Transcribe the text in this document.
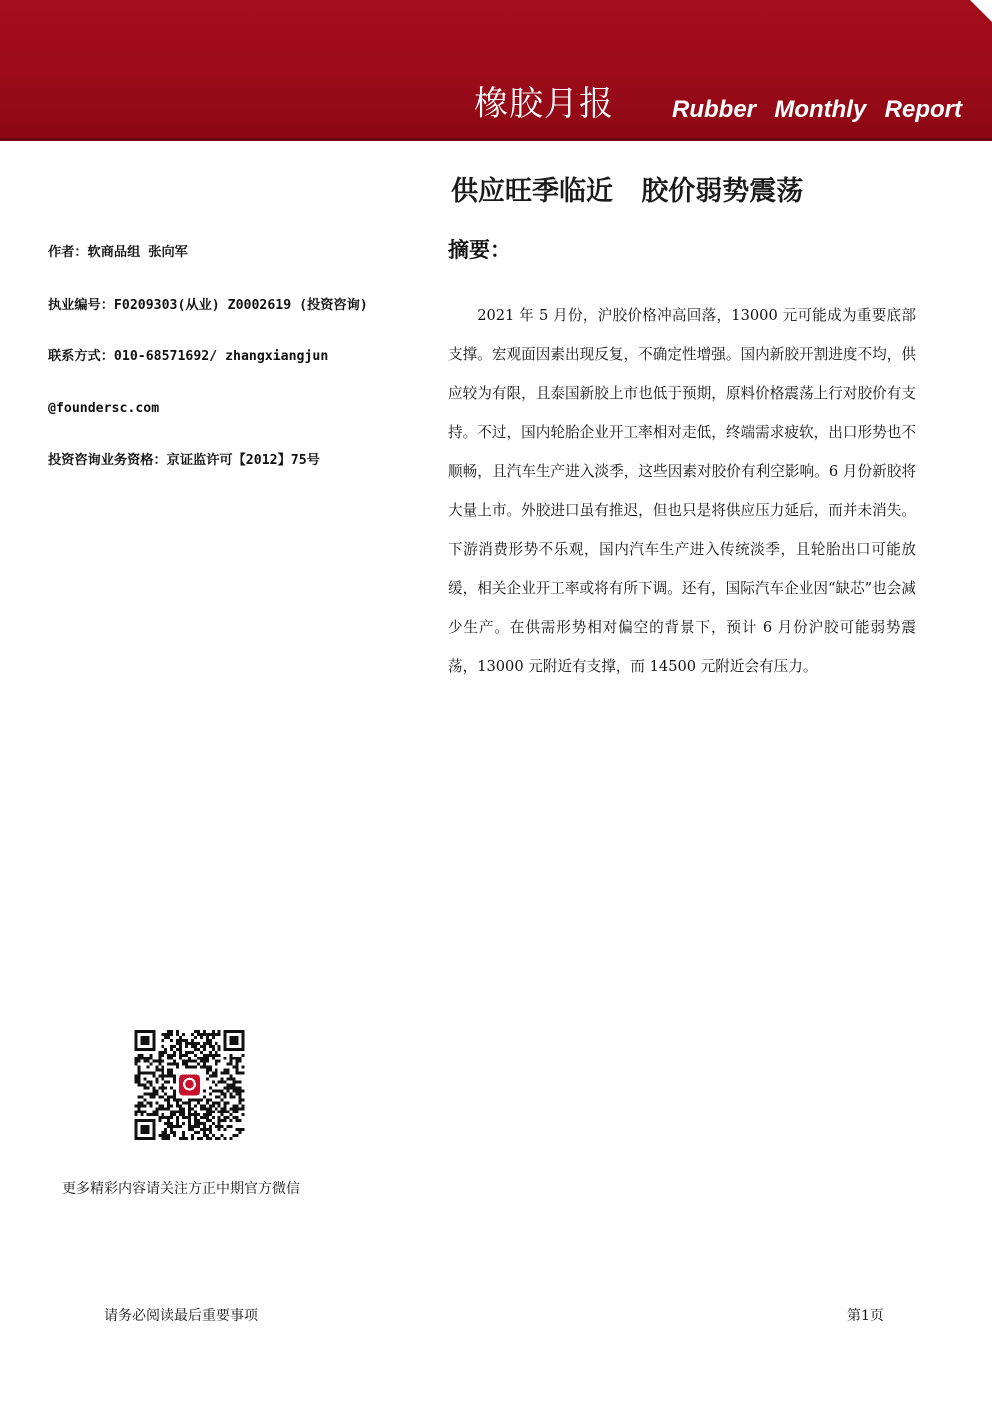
橡胶月报 Rubber Monthly Report
供应旺季临近   胶价弱势震荡
摘要：

2021 年 5 月份，沪胶价格冲高回落，13000 元可能成为重要底部支撑。宏观面因素出现反复，不确定性增强。国内新胶开割进度不均，供应较为有限，且泰国新胶上市也低于预期，原料价格震荡上行对胶价有支持。不过，国内轮胎企业开工率相对走低，终端需求疲软，出口形势也不顺畅，且汽车生产进入淡季，这些因素对胶价有利空影响。6 月份新胶将大量上市。外胶进口虽有推迟，但也只是将供应压力延后，而并未消失。下游消费形势不乐观，国内汽车生产进入传统淡季，且轮胎出口可能放缓，相关企业开工率或将有所下调。还有，国际汽车企业因“缺芯”也会减少生产。在供需形势相对偏空的背景下，预计 6 月份沪胶可能弱势震荡，13000 元附近有支撑，而 14500 元附近会有压力。

作者：软商品组 张向军
执业编号：F0209303(从业) Z0002619 (投资咨询)
联系方式：010-68571692/ zhangxiangjun
@foundersc.com
投资咨询业务资格：京证监许可【2012】75号
更多精彩内容请关注方正中期官方微信
请务必阅读最后重要事项	第1页
